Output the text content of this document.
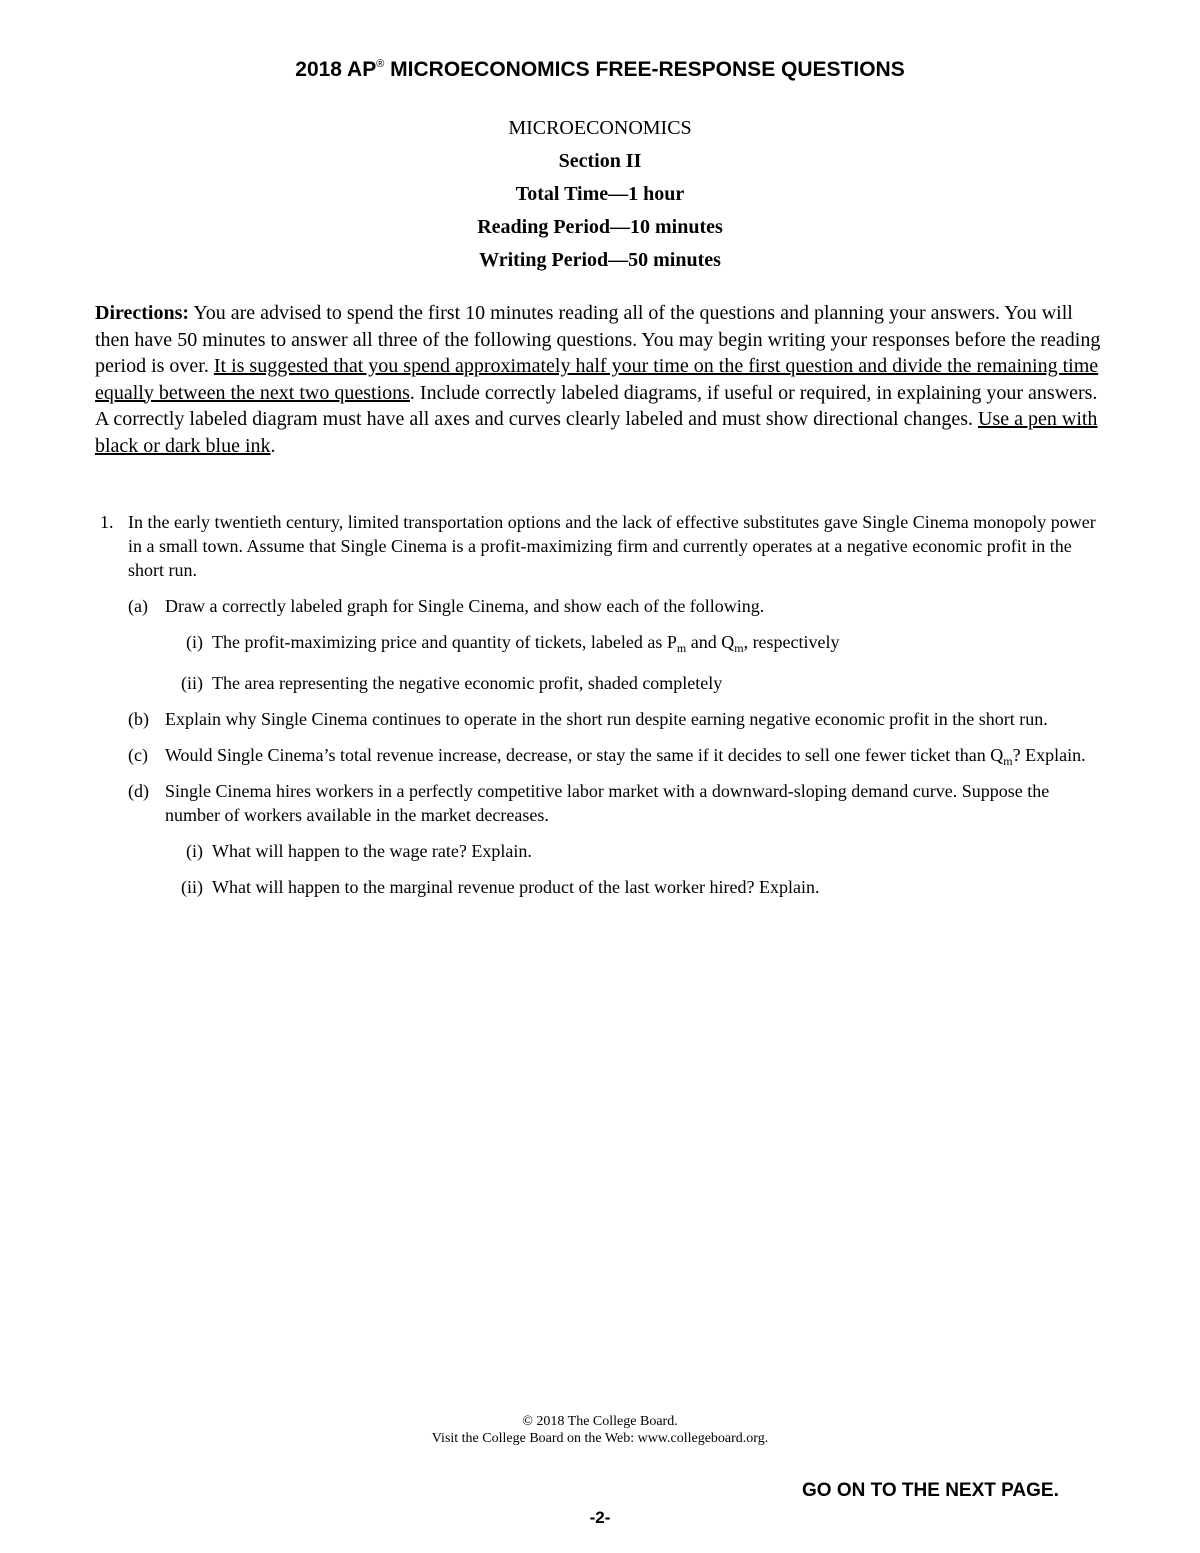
2018 AP® MICROECONOMICS FREE-RESPONSE QUESTIONS
MICROECONOMICS
Section II
Total Time—1 hour
Reading Period—10 minutes
Writing Period—50 minutes

Directions: You are advised to spend the first 10 minutes reading all of the questions and planning your answers. You will then have 50 minutes to answer all three of the following questions. You may begin writing your responses before the reading period is over. It is suggested that you spend approximately half your time on the first question and divide the remaining time equally between the next two questions. Include correctly labeled diagrams, if useful or required, in explaining your answers. A correctly labeled diagram must have all axes and curves clearly labeled and must show directional changes. Use a pen with black or dark blue ink.

1. In the early twentieth century, limited transportation options and the lack of effective substitutes gave Single Cinema monopoly power in a small town. Assume that Single Cinema is a profit-maximizing firm and currently operates at a negative economic profit in the short run.
(a) Draw a correctly labeled graph for Single Cinema, and show each of the following.
(i) The profit-maximizing price and quantity of tickets, labeled as $P_m$ and $Q_m$, respectively
(ii) The area representing the negative economic profit, shaded completely
(b) Explain why Single Cinema continues to operate in the short run despite earning negative economic profit in the short run.
(c) Would Single Cinema’s total revenue increase, decrease, or stay the same if it decides to sell one fewer ticket than $Q_m$? Explain.
(d) Single Cinema hires workers in a perfectly competitive labor market with a downward-sloping demand curve. Suppose the number of workers available in the market decreases.
(i) What will happen to the wage rate? Explain.
(ii) What will happen to the marginal revenue product of the last worker hired? Explain.
© 2018 The College Board.
Visit the College Board on the Web: www.collegeboard.org.
GO ON TO THE NEXT PAGE.
-2-
